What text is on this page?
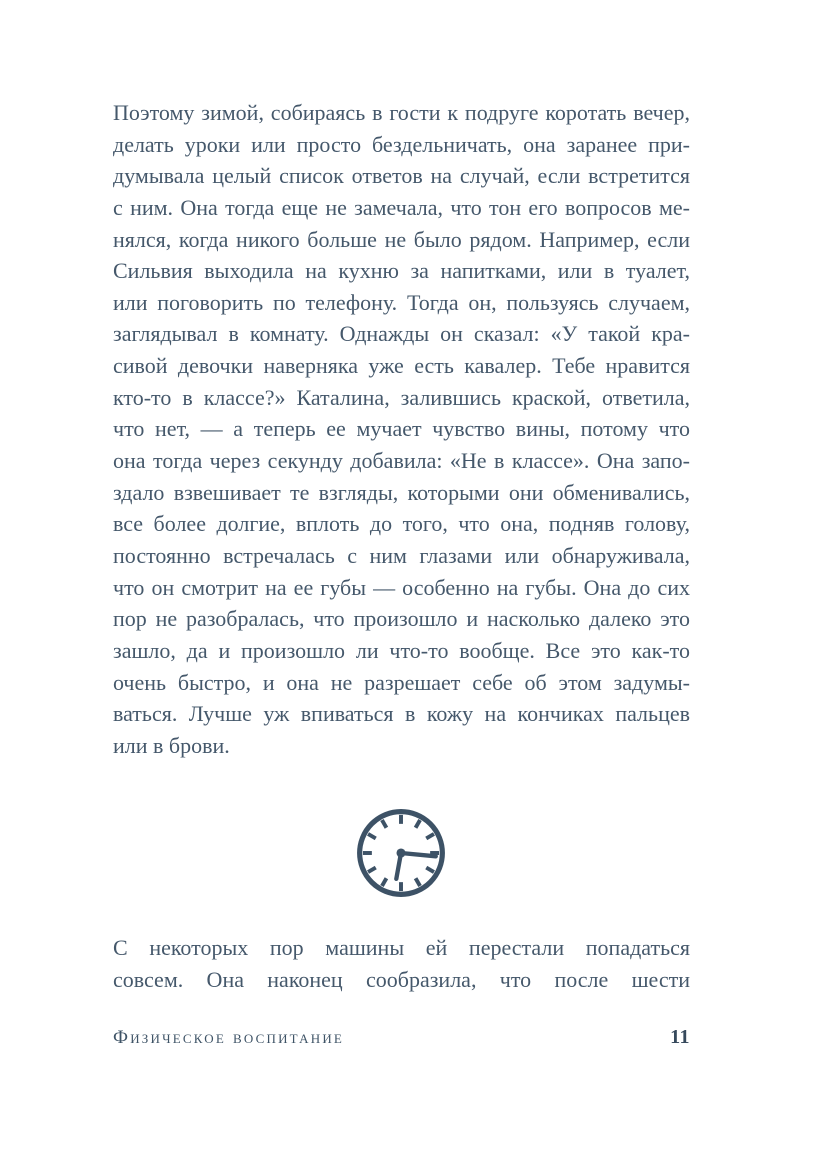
Поэтому зимой, собираясь в гости к подруге коротать вечер,
делать уроки или просто бездельничать, она заранее при-
думывала целый список ответов на случай, если встретится
с ним. Она тогда еще не замечала, что тон его вопросов ме-
нялся, когда никого больше не было рядом. Например, если
Сильвия выходила на кухню за напитками, или в туалет,
или поговорить по телефону. Тогда он, пользуясь случаем,
заглядывал в комнату. Однажды он сказал: «У такой кра-
сивой девочки наверняка уже есть кавалер. Тебе нравится
кто-то в классе?» Каталина, залившись краской, ответила,
что нет, — а теперь ее мучает чувство вины, потому что
она тогда через секунду добавила: «Не в классе». Она запо-
здало взвешивает те взгляды, которыми они обменивались,
все более долгие, вплоть до того, что она, подняв голову,
постоянно встречалась с ним глазами или обнаруживала,
что он смотрит на ее губы — особенно на губы. Она до сих
пор не разобралась, что произошло и насколько далеко это
зашло, да и произошло ли что-то вообще. Все это как-то
очень быстро, и она не разрешает себе об этом задумы-
ваться. Лучше уж впиваться в кожу на кончиках пальцев
или в брови.
С некоторых пор машины ей перестали попадаться
совсем. Она наконец сообразила, что после шести
Физическое воспитание	11
